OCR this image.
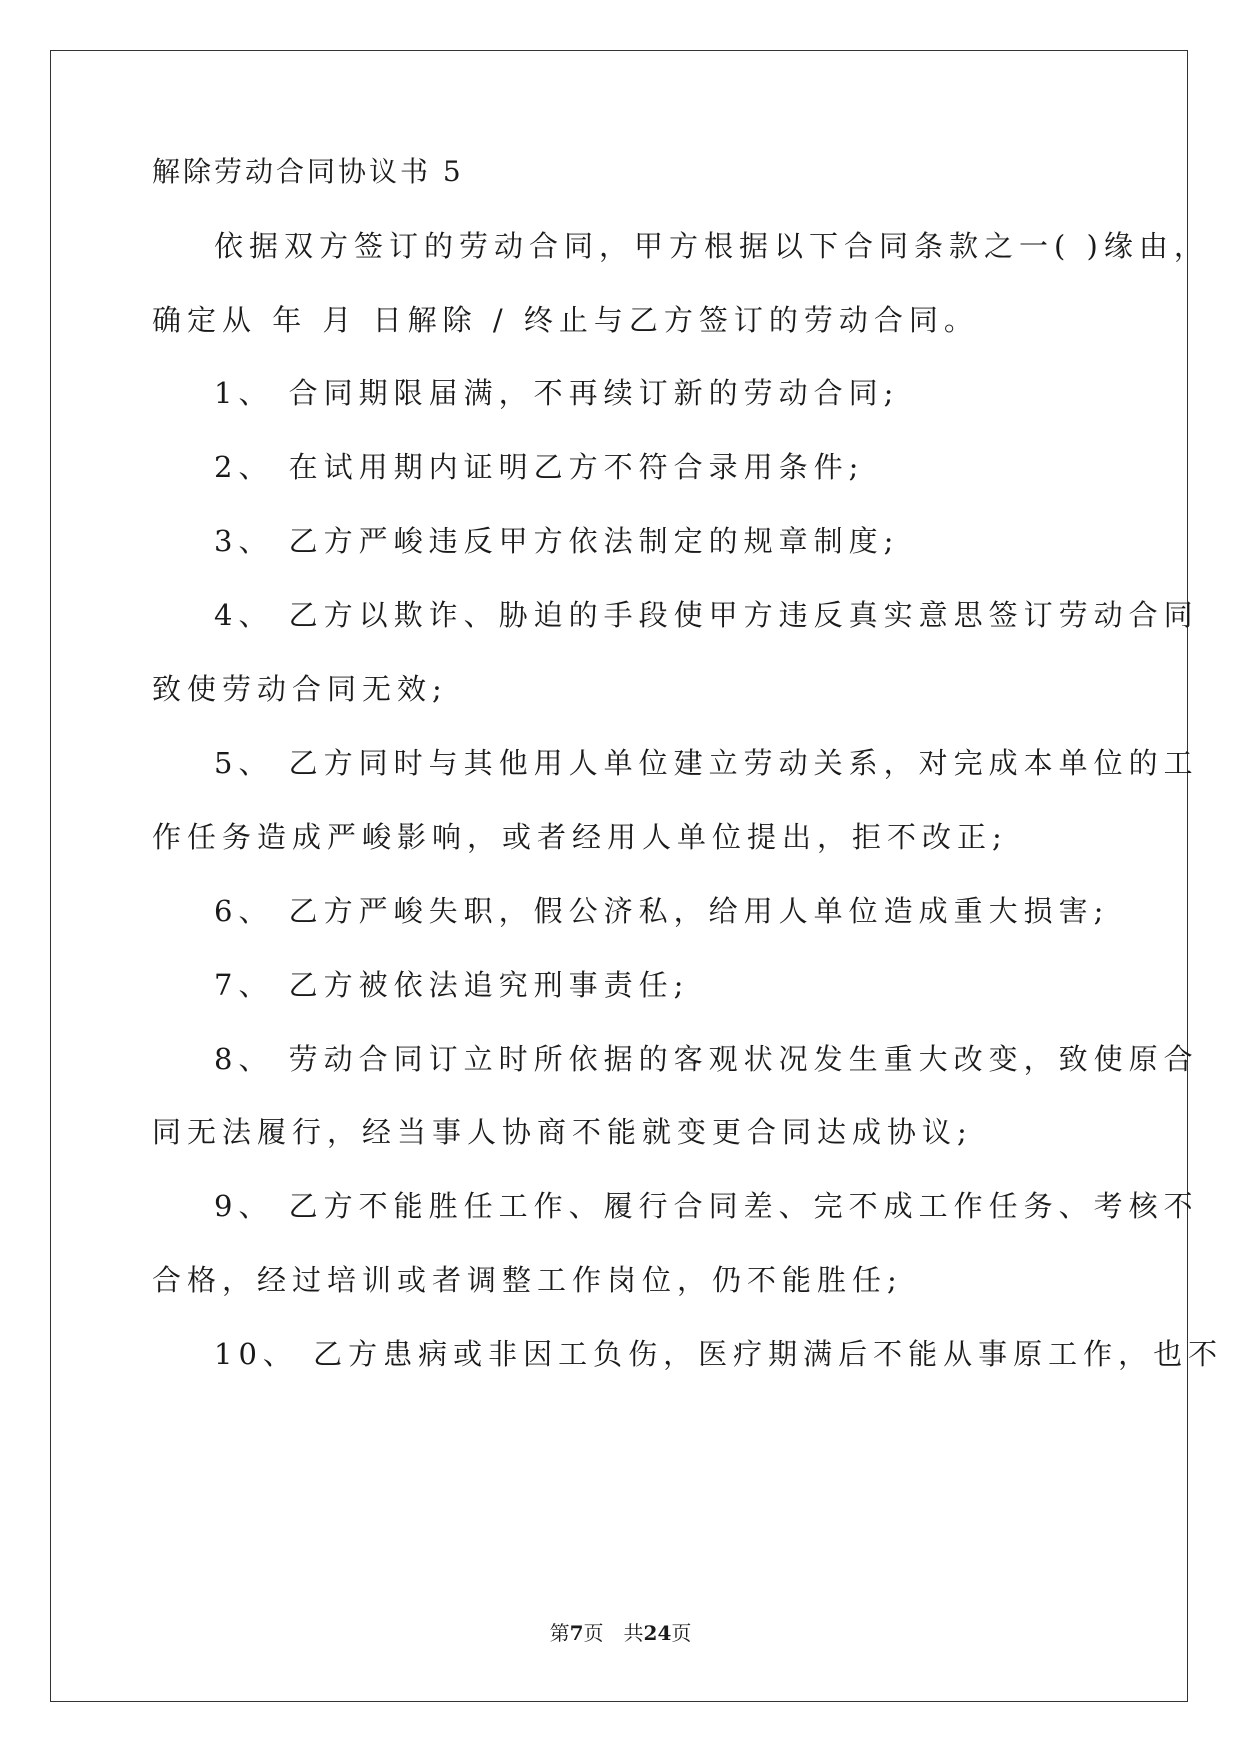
解除劳动合同协议书 5
依据双方签订的劳动合同，甲方根据以下合同条款之一( )缘由，
确定从 年 月 日解除 / 终止与乙方签订的劳动合同。
1、 合同期限届满，不再续订新的劳动合同;
2、 在试用期内证明乙方不符合录用条件;
3、 乙方严峻违反甲方依法制定的规章制度;
4、 乙方以欺诈、胁迫的手段使甲方违反真实意思签订劳动合同
致使劳动合同无效;
5、 乙方同时与其他用人单位建立劳动关系，对完成本单位的工
作任务造成严峻影响，或者经用人单位提出，拒不改正;
6、 乙方严峻失职，假公济私，给用人单位造成重大损害;
7、 乙方被依法追究刑事责任;
8、 劳动合同订立时所依据的客观状况发生重大改变，致使原合
同无法履行，经当事人协商不能就变更合同达成协议;
9、 乙方不能胜任工作、履行合同差、完不成工作任务、考核不
合格，经过培训或者调整工作岗位，仍不能胜任;
10、 乙方患病或非因工负伤，医疗期满后不能从事原工作，也不
第7页　共24页
